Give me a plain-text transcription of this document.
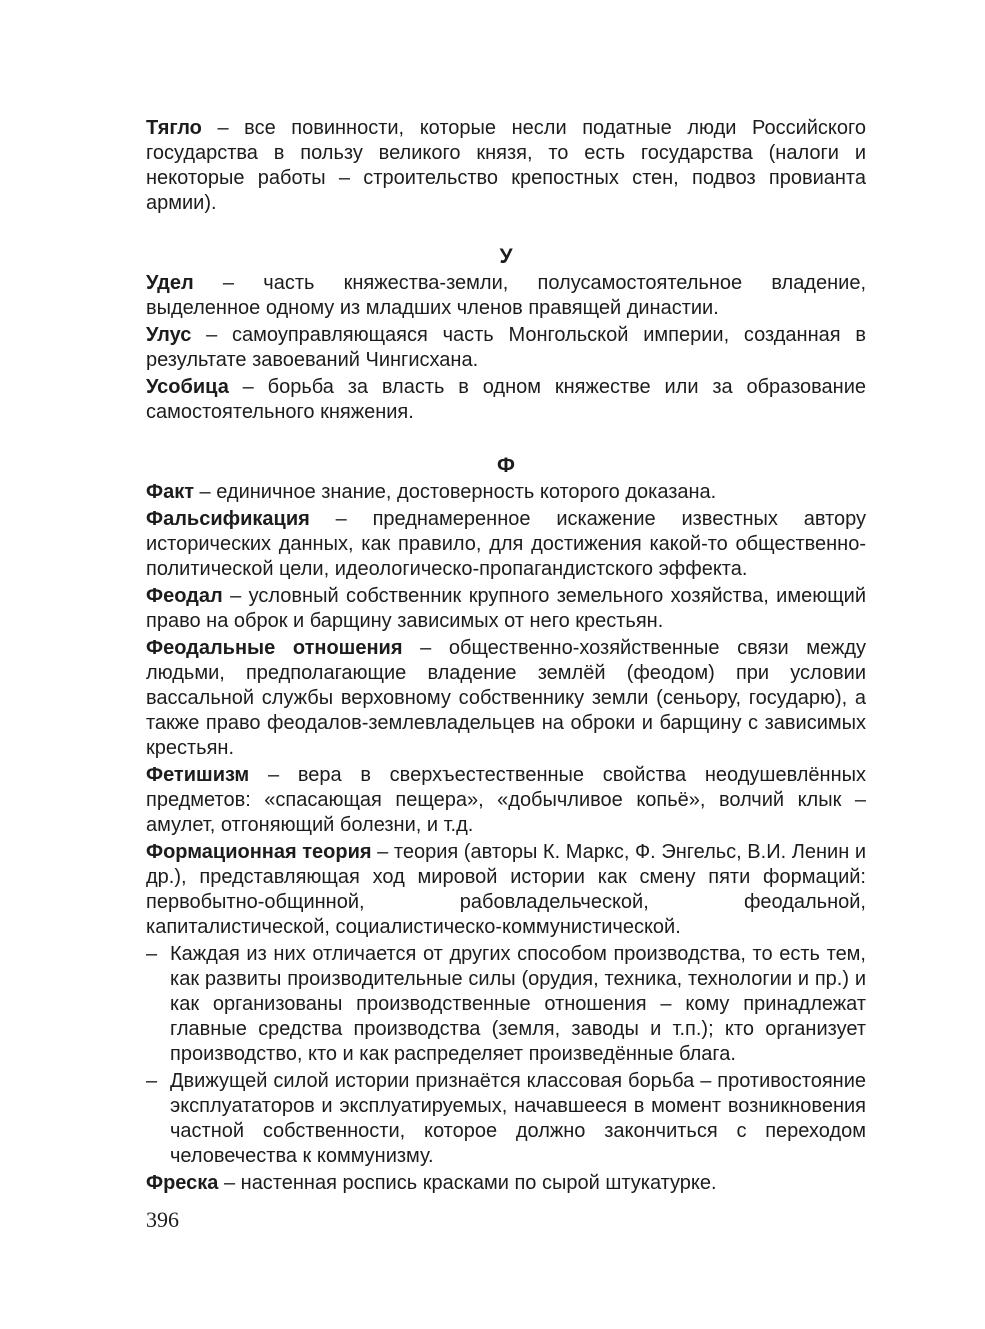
Тягло – все повинности, которые несли податные люди Российского государства в пользу великого князя, то есть государства (налоги и некоторые работы – строительство крепостных стен, подвоз провианта армии).

У

Удел – часть княжества-земли, полусамостоятельное владение, выделенное одному из младших членов правящей династии.

Улус – самоуправляющаяся часть Монгольской империи, созданная в результате завоеваний Чингисхана.

Усобица – борьба за власть в одном княжестве или за образование самостоятельного княжения.

Ф

Факт – единичное знание, достоверность которого доказана.

Фальсификация – преднамеренное искажение известных автору исторических данных, как правило, для достижения какой-то общественно-политической цели, идеологическо-пропагандистского эффекта.

Феодал – условный собственник крупного земельного хозяйства, имеющий право на оброк и барщину зависимых от него крестьян.

Феодальные отношения – общественно-хозяйственные связи между людьми, предполагающие владение землёй (феодом) при условии вассальной службы верховному собственнику земли (сеньору, государю), а также право феодалов-землевладельцев на оброки и барщину с зависимых крестьян.

Фетишизм – вера в сверхъестественные свойства неодушевлённых предметов: «спасающая пещера», «добычливое копьё», волчий клык – амулет, отгоняющий болезни, и т.д.

Формационная теория – теория (авторы К. Маркс, Ф. Энгельс, В.И. Ленин и др.), представляющая ход мировой истории как смену пяти формаций: первобытно-общинной, рабовладельческой, феодальной, капиталистической, социалистическо-коммунистической.

– Каждая из них отличается от других способом производства, то есть тем, как развиты производительные силы (орудия, техника, технологии и пр.) и как организованы производственные отношения – кому принадлежат главные средства производства (земля, заводы и т.п.); кто организует производство, кто и как распределяет произведённые блага.

– Движущей силой истории признаётся классовая борьба – противостояние эксплуататоров и эксплуатируемых, начавшееся в момент возникновения частной собственности, которое должно закончиться с переходом человечества к коммунизму.

Фреска – настенная роспись красками по сырой штукатурке.

396
